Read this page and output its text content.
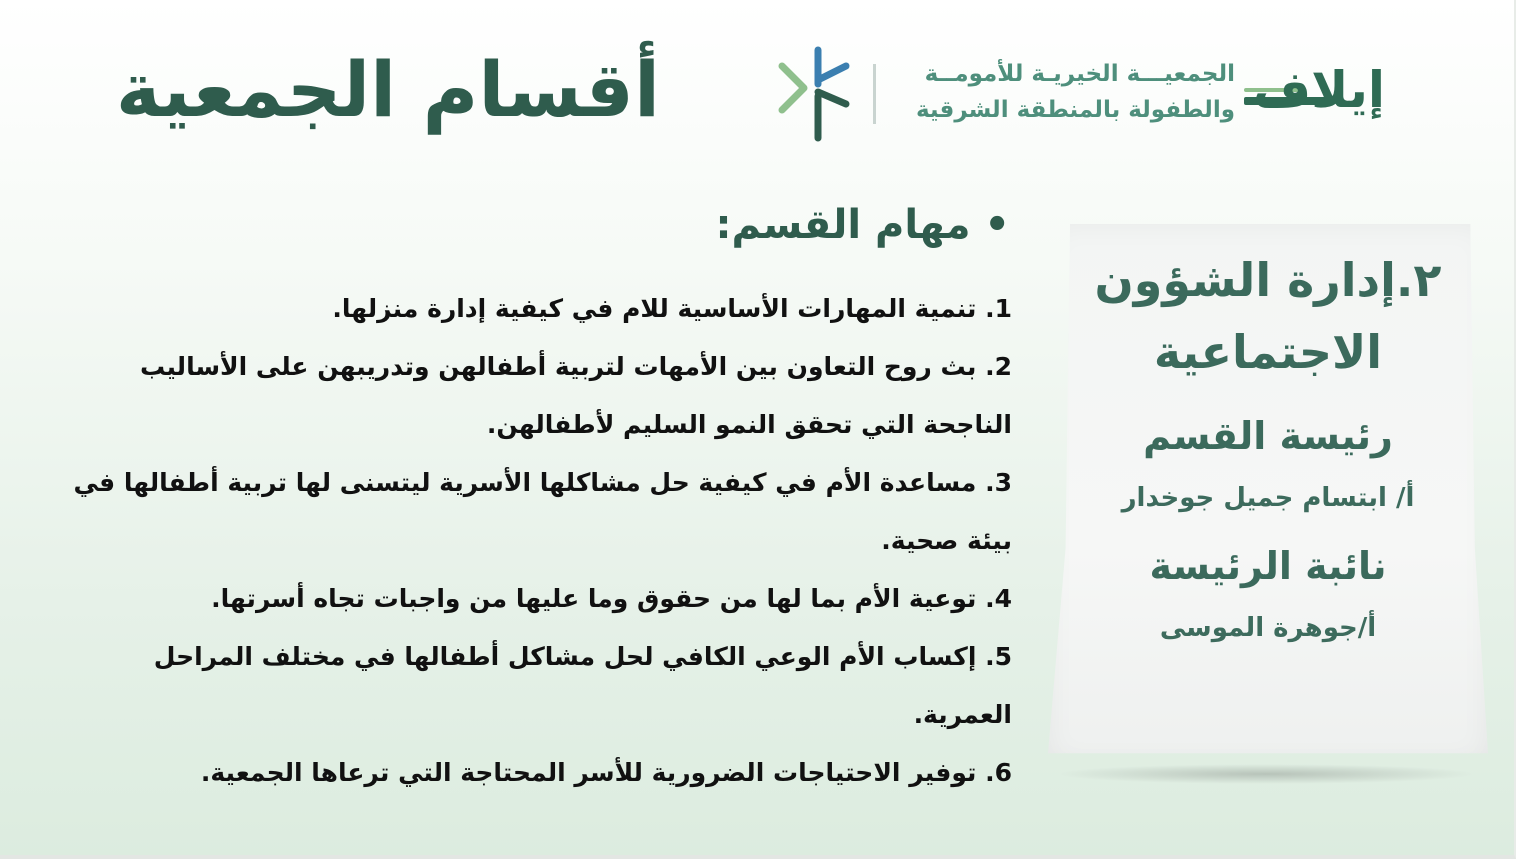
أقسام الجمعية	الجمعيـــة الخيريـة للأمومــة
والطفولة بالمنطقة الشرقية إيلاف
• مهام القسم:

1. تنمية المهارات الأساسية للام في كيفية إدارة منزلها.

2. بث روح التعاون بين الأمهات لتربية أطفالهن وتدريبهن على الأساليب الناجحة التي تحقق النمو السليم لأطفالهن.

3. مساعدة الأم في كيفية حل مشاكلها الأسرية ليتسنى لها تربية أطفالها في بيئة صحية.

4. توعية الأم بما لها من حقوق وما عليها من واجبات تجاه أسرتها.

5. إكساب الأم الوعي الكافي لحل مشاكل أطفالها في مختلف المراحل العمرية.

6. توفير الاحتياجات الضرورية للأسر المحتاجة التي ترعاها الجمعية.

٢.إدارة الشؤون الاجتماعية
رئيسة القسم
أ/ ابتسام جميل جوخدار
نائبة الرئيسة
أ/جوهرة الموسى
